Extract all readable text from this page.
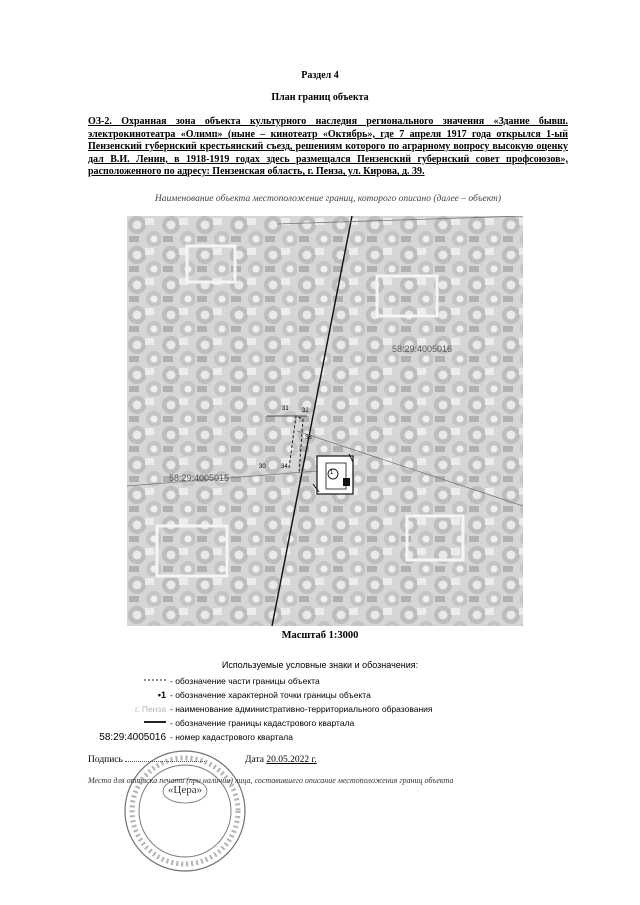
Раздел 4
План границ объекта
ОЗ-2. Охранная зона объекта культурного наследия регионального значения «Здание бывш. электрокинотеатра «Олимп» (ныне – кинотеатр «Октябрь», где 7 апреля 1917 года открылся 1-ый Пензенский губернский крестьянский съезд, решениям которого по аграрному вопросу высокую оценку дал В.И. Ленин, в 1918-1919 годах здесь размещался Пензенский губернский совет профсоюзов», расположенного по адресу: Пензенская область, г. Пенза, ул. Кирова, д. 39.
Наименование объекта местоположение границ, которого описано (далее – объект)
58:29:4005016
58:29:4005015
31 32
33
34
30
1
Масштаб 1:3000
Используемые условные знаки и обозначения:
- обозначение части границы объекта
•1 - обозначение характерной точки границы объекта
г. Пенза - наименование административно-территориального образования
- обозначение границы кадастрового квартала
58:29:4005016 - номер кадастрового квартала
Подпись	Дата 20.05.2022 г.
Место для оттиска печати (при наличии) лица, составившего описание местоположения границ объекта
«Цера»
